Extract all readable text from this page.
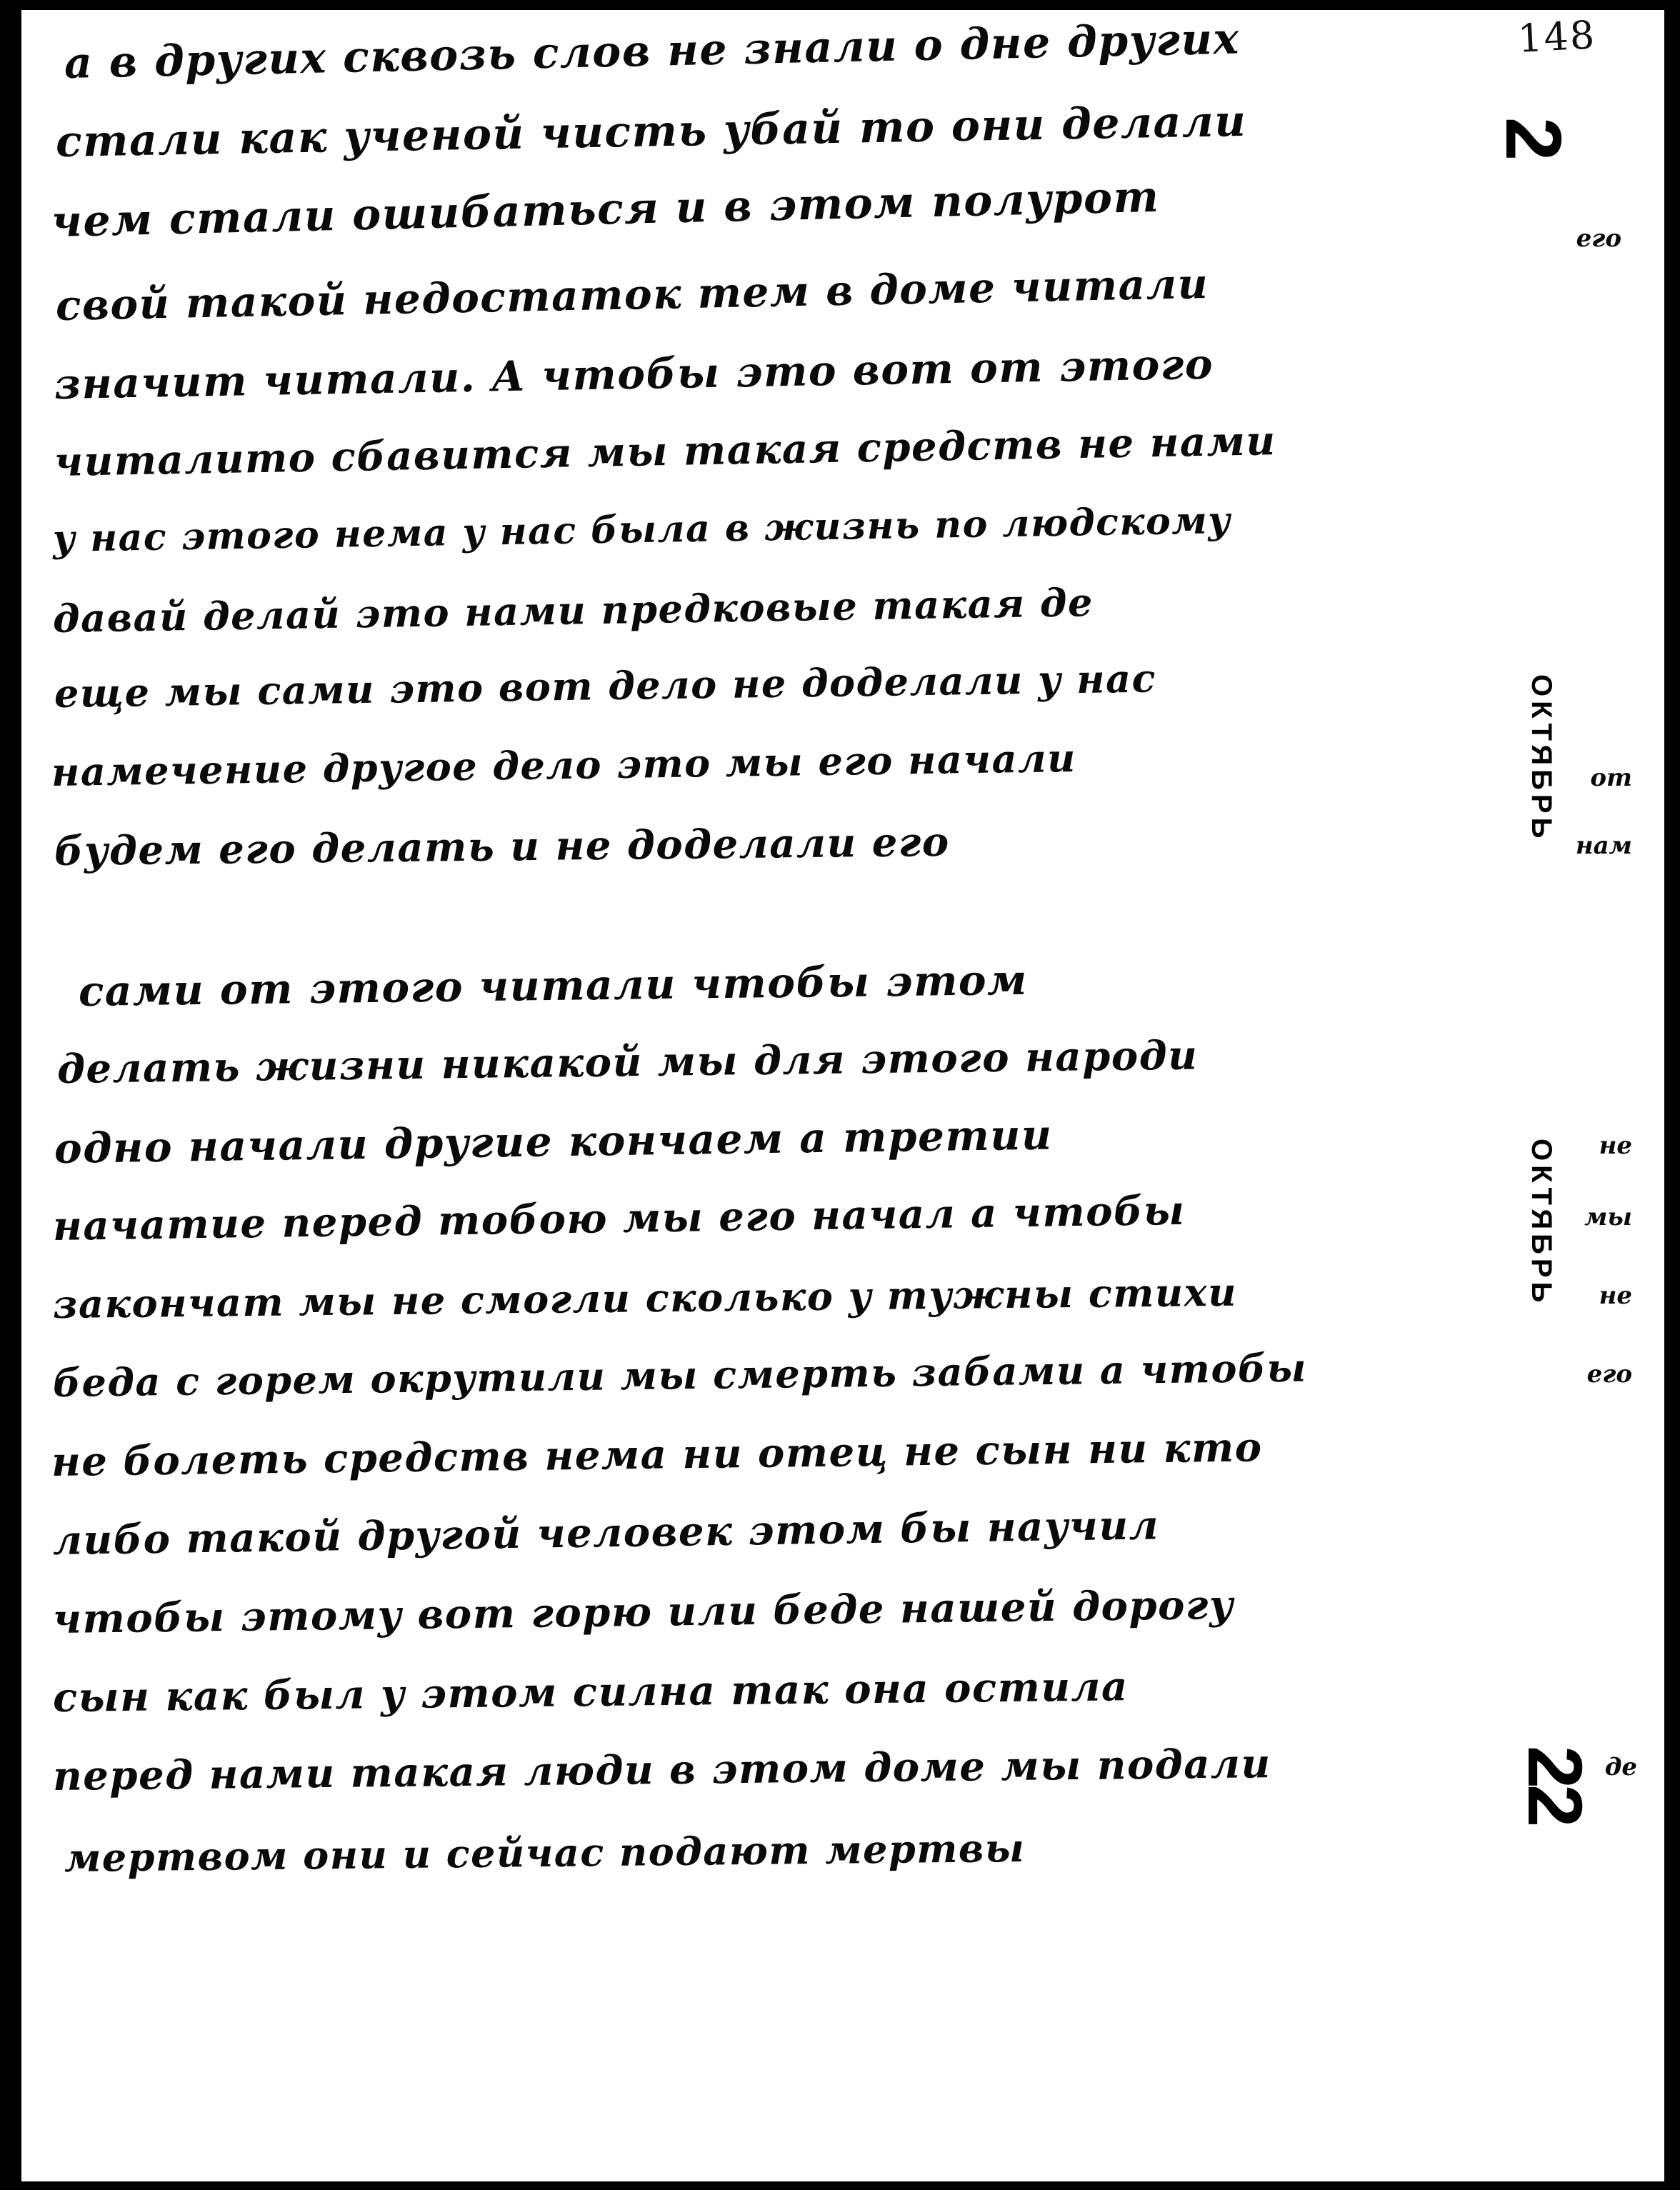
148
а в других сквозь слов не знали о дне других
стали как ученой чисть убай то они делали
чем стали ошибаться и в этом полурот
свой такой недостаток тем в доме читали
значит читали. А чтобы это вот от этого
читалито сбавится мы такая средств не нами
у нас этого нема у нас была в жизнь по людскому
давай делай это нами предковые такая де
еще мы сами это вот дело не доделали у нас
намечение другое дело это мы его начали
будем его делать и не доделали его
сами от этого читали чтобы этом
делать жизни никакой мы для этого народи
одно начали другие кончаем а третии
начатие перед тобою мы его начал а чтобы
закончат мы не смогли сколько у тужны стихи
беда с горем окрутили мы смерть забами а чтобы
не болеть средств нема ни отец не сын ни кто
либо такой другой человек этом бы научил
чтобы этому вот горю или беде нашей дорогу
сын как был у этом силна так она остила
перед нами такая люди в этом доме мы подали
мертвом они и сейчас подают мертвы
2
его
ОКТЯБРЬ от
нам
ОКТЯБРЬ не
мы
не
его
22 де
